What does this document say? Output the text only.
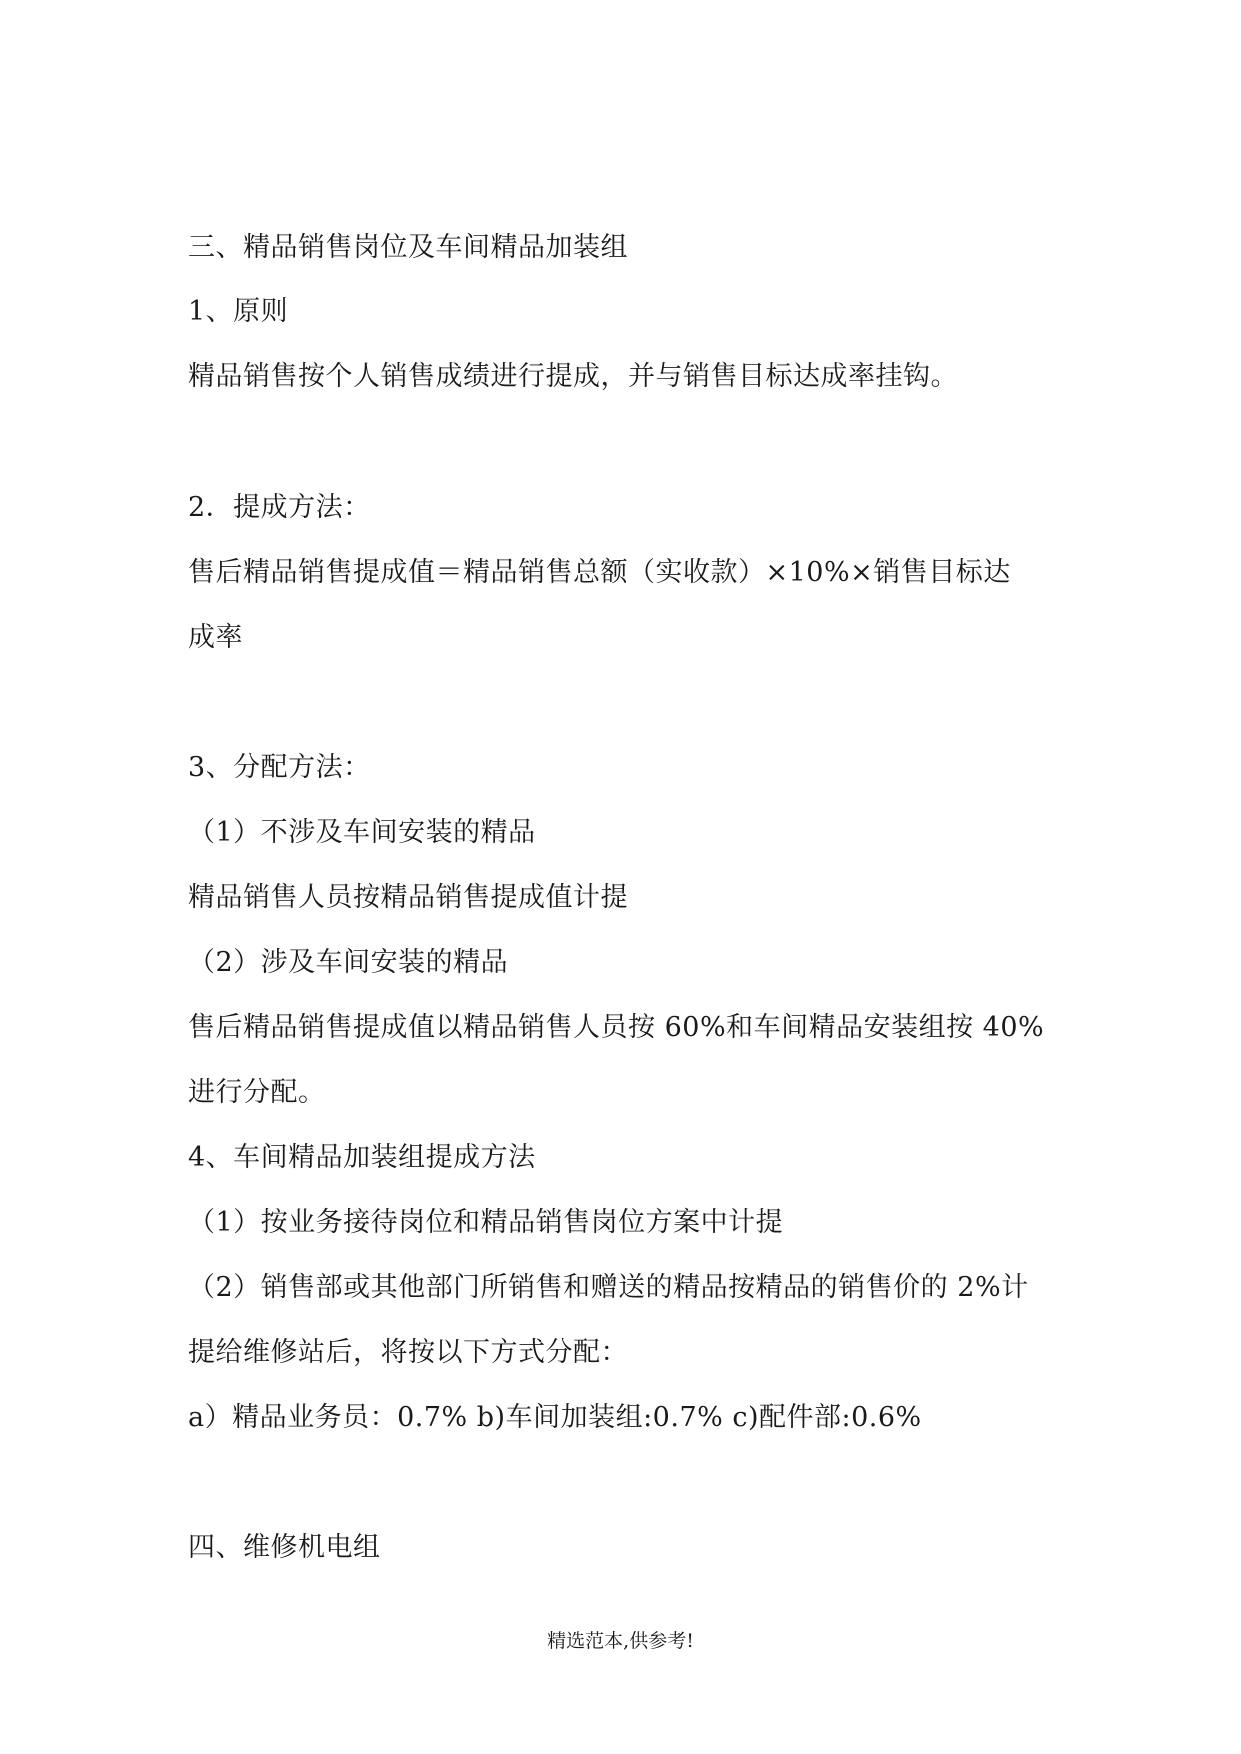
三、精品销售岗位及车间精品加装组
1、原则
精品销售按个人销售成绩进行提成，并与销售目标达成率挂钩。
2．提成方法：
售后精品销售提成值＝精品销售总额（实收款）×10%×销售目标达
成率
3、分配方法：
（1）不涉及车间安装的精品
精品销售人员按精品销售提成值计提
（2）涉及车间安装的精品
售后精品销售提成值以精品销售人员按 60%和车间精品安装组按 40%
进行分配。
4、车间精品加装组提成方法
（1）按业务接待岗位和精品销售岗位方案中计提
（2）销售部或其他部门所销售和赠送的精品按精品的销售价的 2%计
提给维修站后，将按以下方式分配：
a）精品业务员：0.7% b)车间加装组:0.7% c)配件部:0.6%
四、维修机电组
精选范本,供参考!
